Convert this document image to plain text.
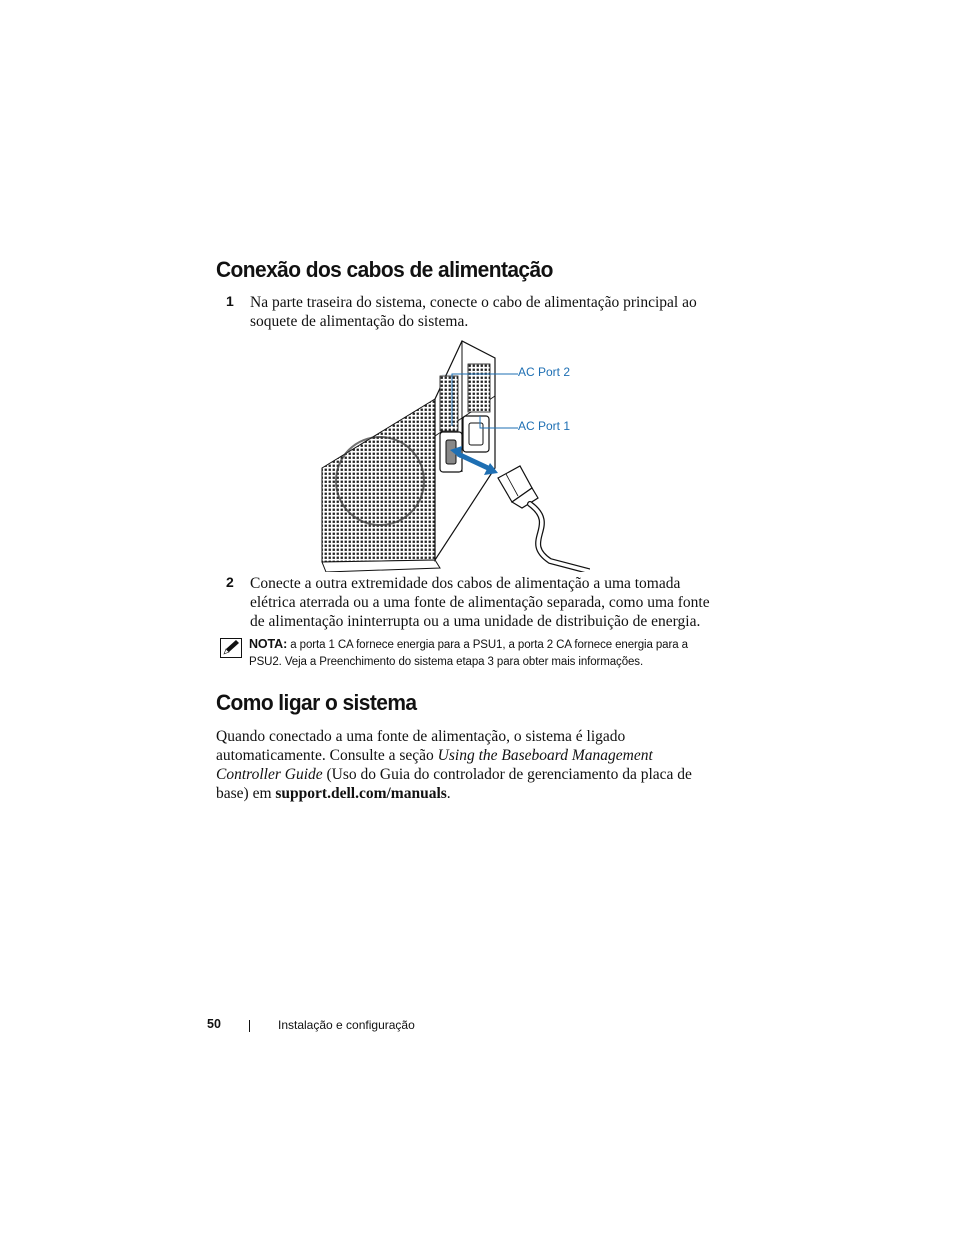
Conexão dos cabos de alimentação
1 Na parte traseira do sistema, conecte o cabo de alimentação principal ao soquete de alimentação do sistema.
AC Port 2
AC Port 1
2 Conecte a outra extremidade dos cabos de alimentação a uma tomada elétrica aterrada ou a uma fonte de alimentação separada, como uma fonte de alimentação ininterrupta ou a uma unidade de distribuição de energia.
NOTA: a porta 1 CA fornece energia para a PSU1, a porta 2 CA fornece energia para a PSU2. Veja a Preenchimento do sistema etapa 3 para obter mais informações.
Como ligar o sistema

Quando conectado a uma fonte de alimentação, o sistema é ligado automaticamente. Consulte a seção Using the Baseboard Management Controller Guide (Uso do Guia do controlador de gerenciamento da placa de base) em support.dell.com/manuals.

50	Instalação e configuração
